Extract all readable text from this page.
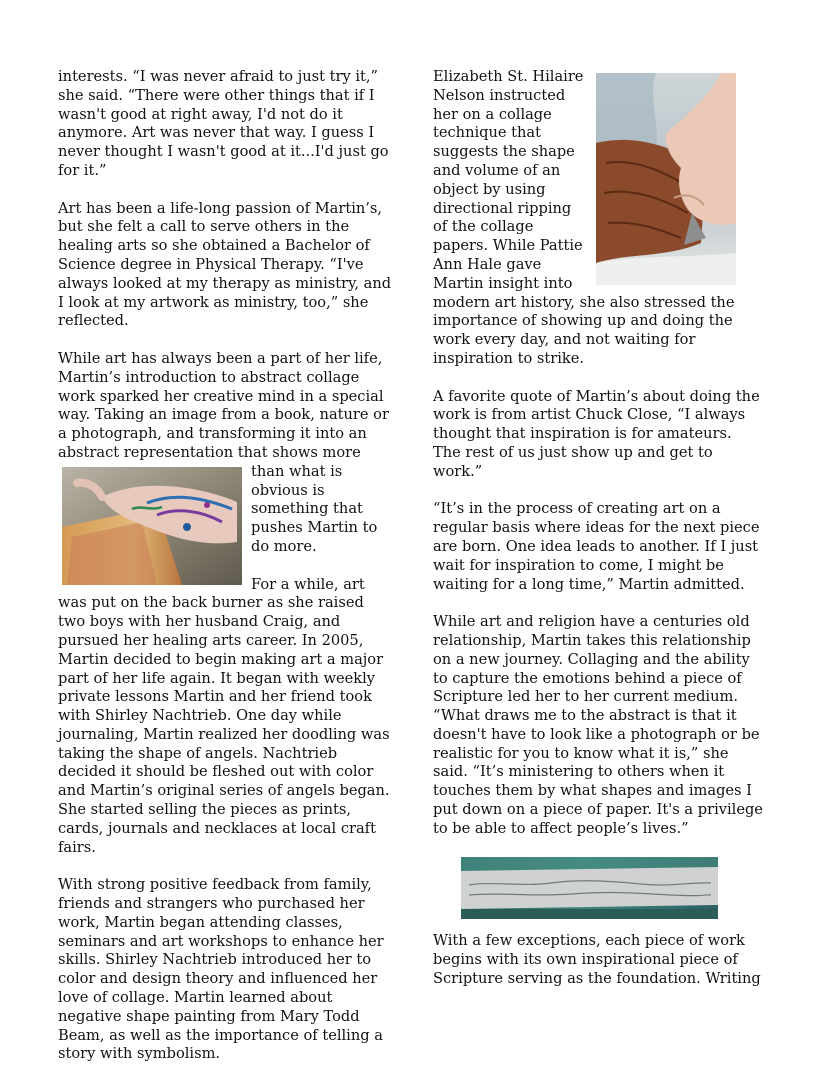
interests. “I was never afraid to just try it,” she said. “There were other things that if I wasn't good at right away, I'd not do it anymore. Art was never that way. I guess I never thought I wasn't good at it...I'd just go for it.”

Art has been a life-long passion of Martin’s, but she felt a call to serve others in the healing arts so she obtained a Bachelor of Science degree in Physical Therapy. “I've always looked at my therapy as ministry, and I look at my artwork as ministry, too,” she reflected.

While art has always been a part of her life, Martin’s introduction to abstract collage work sparked her creative mind in a special way. Taking an image from a book, nature or a photograph, and transforming it into an abstract representation that shows more than what is obvious is something that pushes Martin to do more.

For a while, art was put on the back burner as she raised two boys with her husband Craig, and pursued her healing arts career. In 2005, Martin decided to begin making art a major part of her life again. It began with weekly private lessons Martin and her friend took with Shirley Nachtrieb. One day while journaling, Martin realized her doodling was taking the shape of angels. Nachtrieb decided it should be fleshed out with color and Martin’s original series of angels began. She started selling the pieces as prints, cards, journals and necklaces at local craft fairs.

With strong positive feedback from family, friends and strangers who purchased her work, Martin began attending classes, seminars and art workshops to enhance her skills. Shirley Nachtrieb introduced her to color and design theory and influenced her love of collage. Martin learned about negative shape painting from Mary Todd Beam, as well as the importance of telling a story with symbolism.

Elizabeth St. Hilaire Nelson instructed her on a collage technique that suggests the shape and volume of an object by using directional ripping of the collage papers. While Pattie Ann Hale gave Martin insight into modern art history, she also stressed the importance of showing up and doing the work every day, and not waiting for inspiration to strike.

A favorite quote of Martin’s about doing the work is from artist Chuck Close, “I always thought that inspiration is for amateurs. The rest of us just show up and get to work.”

“It’s in the process of creating art on a regular basis where ideas for the next piece are born. One idea leads to another. If I just wait for inspiration to come, I might be waiting for a long time,” Martin admitted.

While art and religion have a centuries old relationship, Martin takes this relationship on a new journey. Collaging and the ability to capture the emotions behind a piece of Scripture led her to her current medium. “What draws me to the abstract is that it doesn't have to look like a photograph or be realistic for you to know what it is,” she said. “It’s ministering to others when it touches them by what shapes and images I put down on a piece of paper. It's a privilege to be able to affect people’s lives.”

With a few exceptions, each piece of work begins with its own inspirational piece of Scripture serving as the foundation. Writing
